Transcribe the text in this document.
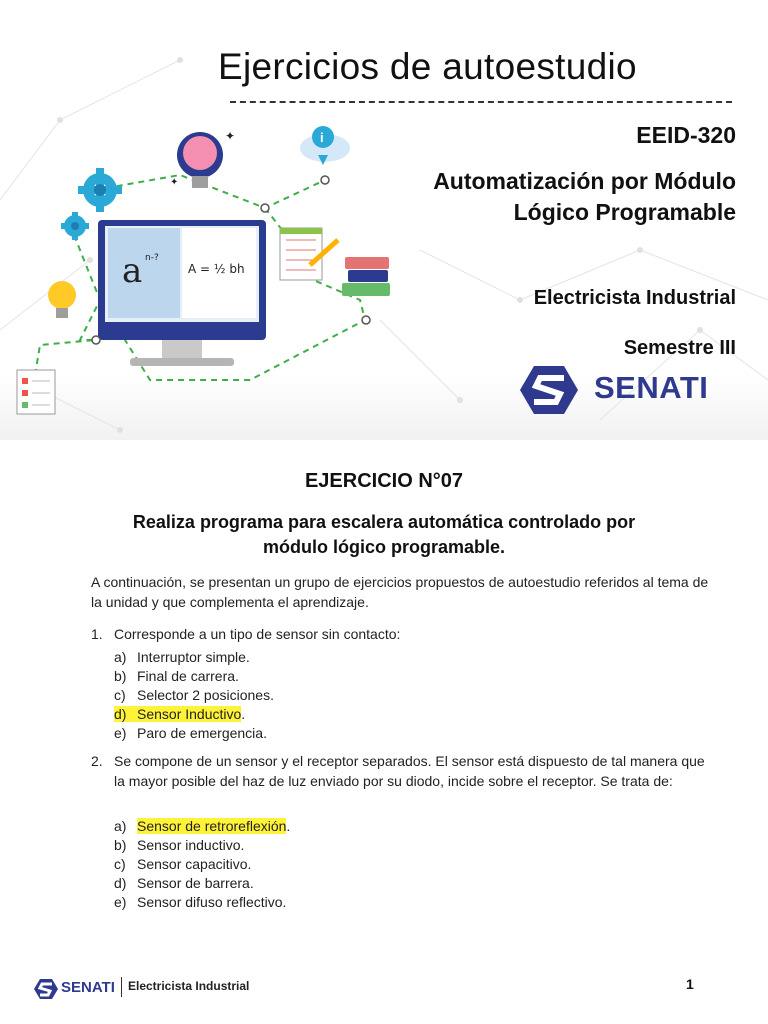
a n-?
A = ½ bh
✦
✦
i
Ejercicios de autoestudio
EEID-320
Automatización por Módulo
Lógico Programable
Electricista Industrial
Semestre III
SENATI
EJERCICIO N°07
Realiza programa para escalera automática controlado por
módulo lógico programable.
A continuación, se presentan un grupo de ejercicios propuestos de autoestudio referidos al tema de la unidad y que complementa el aprendizaje.
1. Corresponde a un tipo de sensor sin contacto:
a) Interruptor simple.
b) Final de carrera.
c) Selector 2 posiciones.
d) Sensor Inductivo.
e) Paro de emergencia.
2. Se compone de un sensor y el receptor separados. El sensor está dispuesto de tal manera que la mayor posible del haz de luz enviado por su diodo, incide sobre el receptor. Se trata de:
a) Sensor de retroreflexión.
b) Sensor inductivo.
c) Sensor capacitivo.
d) Sensor de barrera.
e) Sensor difuso reflectivo.
SENATI Electricista Industrial	1
